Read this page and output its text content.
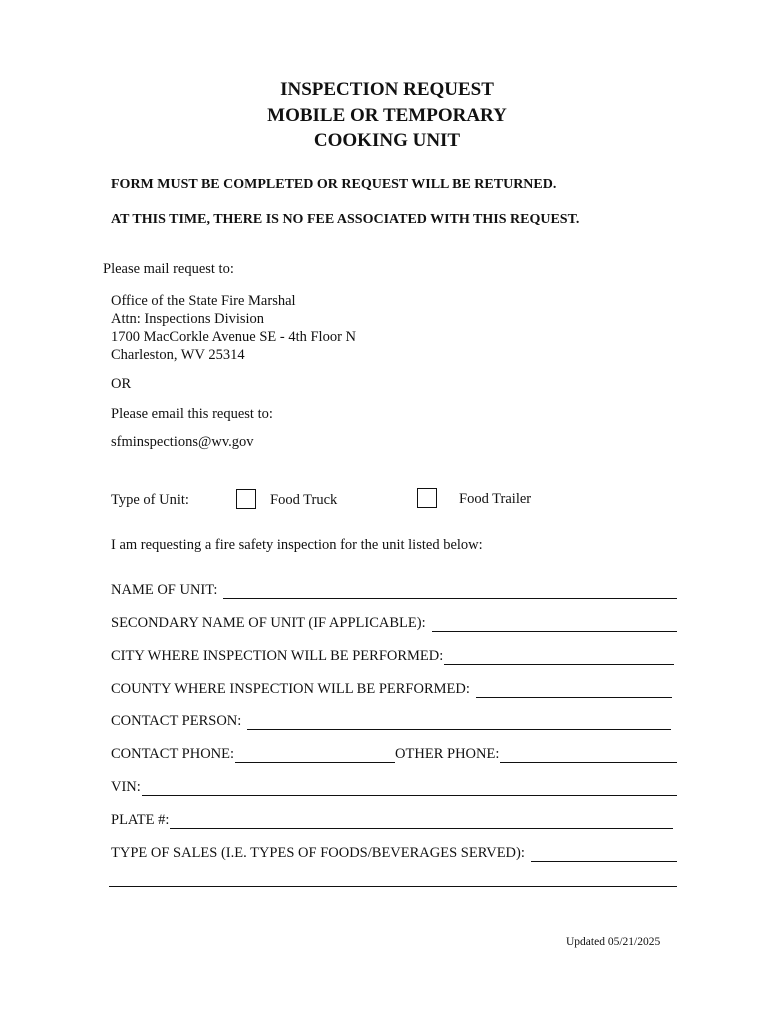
INSPECTION REQUEST
MOBILE OR TEMPORARY
COOKING UNIT
FORM MUST BE COMPLETED OR REQUEST WILL BE RETURNED.
AT THIS TIME, THERE IS NO FEE ASSOCIATED WITH THIS REQUEST.
Please mail request to:
Office of the State Fire Marshal
Attn: Inspections Division
1700 MacCorkle Avenue SE - 4th Floor N
Charleston, WV 25314
OR
Please email this request to:
sfminspections@wv.gov
Type of Unit:	Food Truck	Food Trailer
I am requesting a fire safety inspection for the unit listed below:
NAME OF UNIT:
SECONDARY NAME OF UNIT (IF APPLICABLE):
CITY WHERE INSPECTION WILL BE PERFORMED:
COUNTY WHERE INSPECTION WILL BE PERFORMED:
CONTACT PERSON:
CONTACT PHONE:	OTHER PHONE:
VIN:
PLATE #:
TYPE OF SALES (I.E. TYPES OF FOODS/BEVERAGES SERVED):
Updated 05/21/2025
